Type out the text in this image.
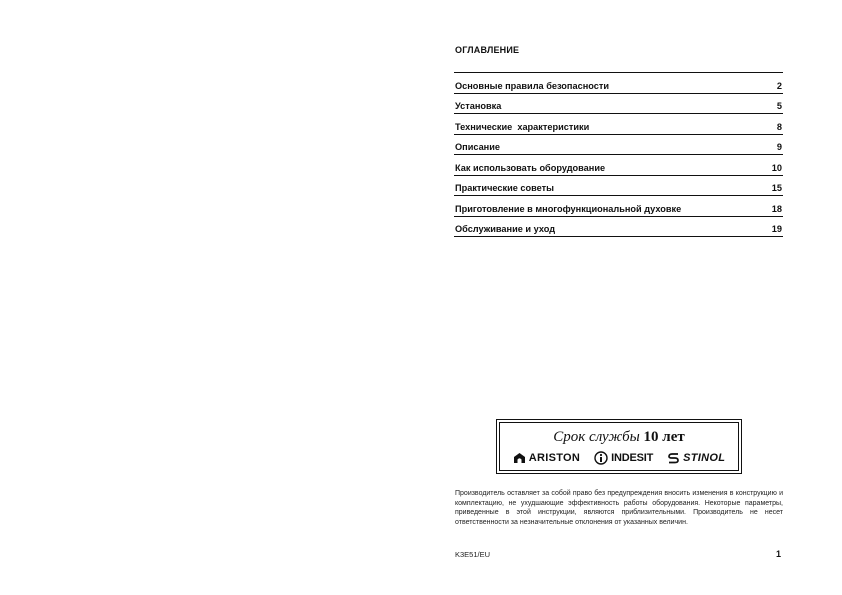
ОГЛАВЛЕНИЕ
Основные правила безопасности	2
Установка	5
Технические  характеристики	8
Описание	9
Как использовать оборудование	10
Практические советы	15
Приготовление в многофункциональной духовке	18
Обслуживание и уход	19
Срок службы 10 лет
ARISTON	INDESIT	STINOL
Производитель оставляет за собой право без предупреждения вносить изменения в конструкцию и комплектацию, не ухудшающие эффективность работы оборудования. Некоторые параметры, приведенные в этой инструкции, являются приблизительными. Производитель не несет ответственности за незначительные отклонения от указанных величин.
K3E51/EU	1
